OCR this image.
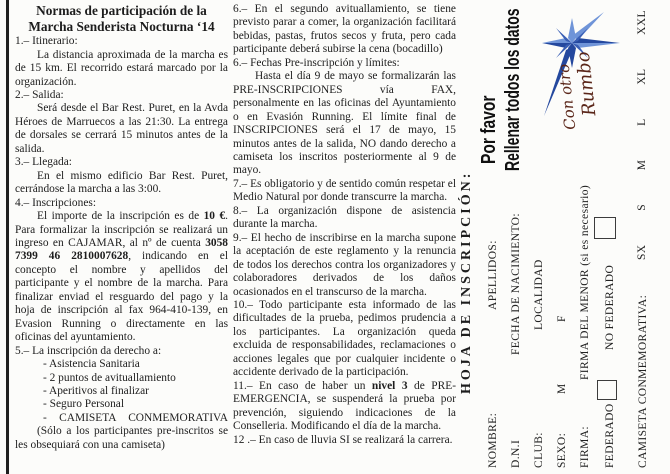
Normas de participación de la
Marcha Senderista Nocturna ‘14
1.– Itinerario:
La distancia aproximada de la marcha es de 15 km. El recorrido estará marcado por la organización.
2.– Salida:
Será desde el Bar Rest. Puret, en la Avda Héroes de Marruecos a las 21:30. La entrega de dorsales se cerrará 15 minutos antes de la salida.
3.– Llegada:
En el mismo edificio Bar Rest. Puret, cerrándose la marcha a las 3:00.
4.– Inscripciones:
El importe de la inscripción es de 10 €. Para formalizar la inscripción se realizará un ingreso en CAJAMAR, al nº de cuenta 3058 7399 46 2810007628, indicando en el concepto el nombre y apellidos del participante y el nombre de la marcha. Para finalizar enviad el resguardo del pago y la hoja de inscripción al fax 964-410-139, en Evasion Running o directamente en las oficinas del ayuntamiento.
5.– La inscripción da derecho a:
- Asistencia Sanitaria
- 2 puntos de avituallamiento
- Aperitivos al finalizar
- Seguro Personal
- CAMISETA CONMEMORATIVA
(Sólo a los participantes pre-inscritos se les obsequiará con una camiseta)
6.– En el segundo avituallamiento, se tiene previsto parar a comer, la organización facilitará bebidas, pastas, frutos secos y fruta, pero cada participante deberá subirse la cena (bocadillo)
6.– Fechas Pre-inscripción y límites:
Hasta el día 9 de mayo se formalizarán las PRE-INSCRIPCIONES vía FAX, personalmente en las oficinas del Ayuntamiento o en Evasión Running. El límite final de INSCRIPCIONES será el 17 de mayo, 15 minutos antes de la salida, NO dando derecho a camiseta los inscritos posteriormente al 9 de mayo.
7.– Es obligatorio y de sentido común respetar el Medio Natural por donde transcurre la marcha.
8.– La organización dispone de asistencia durante la marcha.
9.– El hecho de inscribirse en la marcha supone la aceptación de este reglamento y la renuncia de todos los derechos contra los organizadores y colaboradores derivados de los daños ocasionados en el transcurso de la marcha.
10.– Todo participante esta informado de las dificultades de la prueba, pedimos prudencia a los participantes. La organización queda excluida de responsabilidades, reclamaciones o acciones legales que por cualquier incidente o accidente derivado de la participación.
11.– En caso de haber un nivel 3 de PRE-EMERGENCIA, se suspenderá la prueba por prevención, siguiendo indicaciones de la Conselleria. Modificando el día de la marcha.
12 .– En caso de lluvia SI se realizará la carrera.
HOJA DE INSCRIPCIÓN:
NOMBRE:
APELLIDOS:
D.N.I
FECHA DE NACIMIENTO:
CLUB:
LOCALIDAD
SEXO:
M
F
FIRMA:
FIRMA DEL MENOR (si es necesario)
FEDERADO
NO FEDERADO CAMISETA CONMEMORATIVA:
SX
S
M
L
XL
XXL
Por favor Rellenar todos los datos Con otro
Rumbo
